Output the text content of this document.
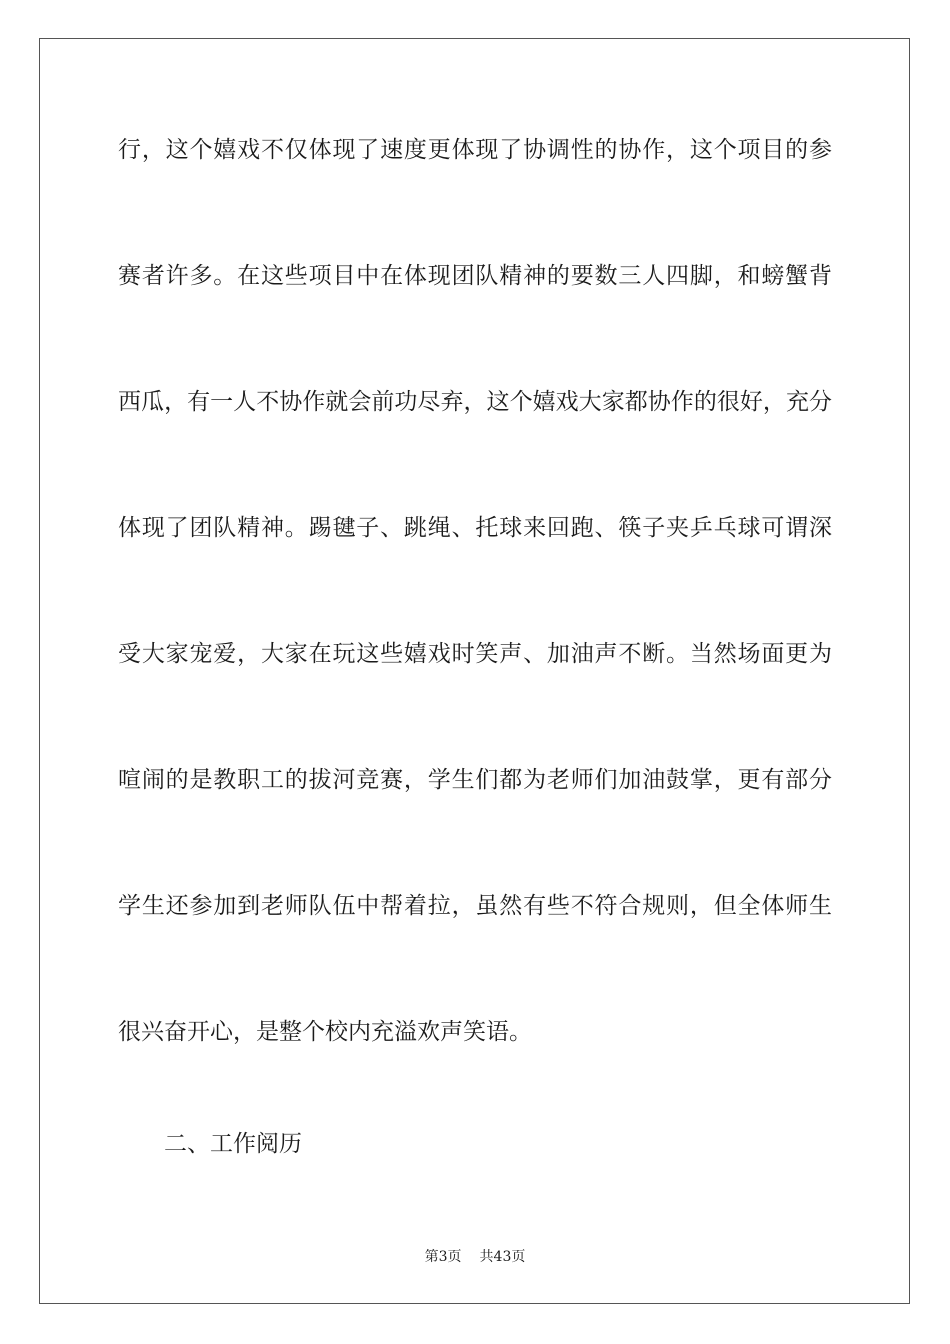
行，这个嬉戏不仅体现了速度更体现了协调性的协作，这个项目的参
赛者许多。在这些项目中在体现团队精神的要数三人四脚，和螃蟹背
西瓜，有一人不协作就会前功尽弃，这个嬉戏大家都协作的很好，充分
体现了团队精神。踢毽子、跳绳、托球来回跑、筷子夹乒乓球可谓深
受大家宠爱，大家在玩这些嬉戏时笑声、加油声不断。当然场面更为
喧闹的是教职工的拔河竞赛，学生们都为老师们加油鼓掌，更有部分
学生还参加到老师队伍中帮着拉，虽然有些不符合规则，但全体师生
很兴奋开心，是整个校内充溢欢声笑语。
二、工作阅历
第3页 共43页
